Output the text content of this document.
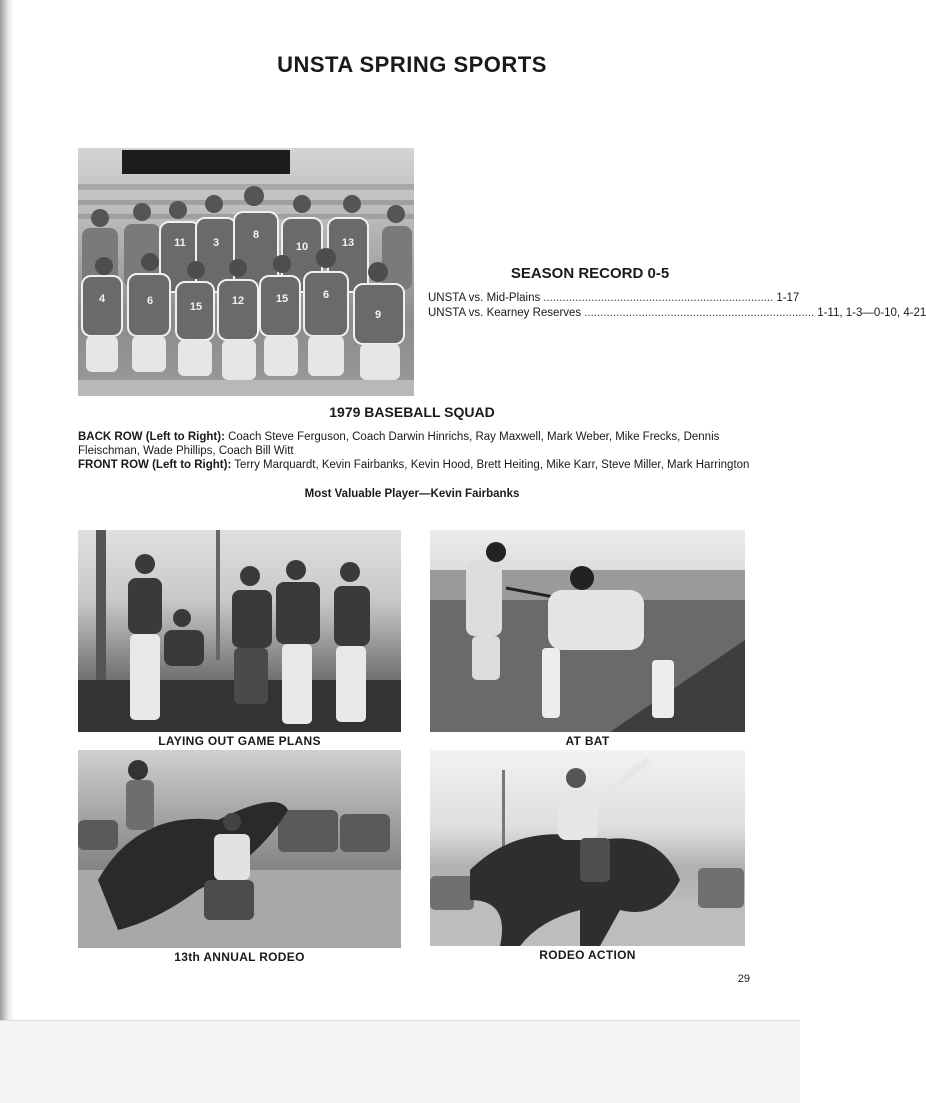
UNSTA SPRING SPORTS
11 3
8
10	13
4	6	15	12	15	6
9
SEASON RECORD 0-5
UNSTA vs. Mid-Plains ........................................................................ 1-17
UNSTA vs. Kearney Reserves ........................................................................ 1-11, 1-3—0-10, 4-21
1979 BASEBALL SQUAD
BACK ROW (Left to Right): Coach Steve Ferguson, Coach Darwin Hinrichs, Ray Maxwell, Mark Weber, Mike Frecks, Dennis Fleischman, Wade Phillips, Coach Bill Witt
FRONT ROW (Left to Right): Terry Marquardt, Kevin Fairbanks, Kevin Hood, Brett Heiting, Mike Karr, Steve Miller, Mark Harrington
Most Valuable Player—Kevin Fairbanks
LAYING OUT GAME PLANS	AT BAT
13th ANNUAL RODEO	RODEO ACTION
29
